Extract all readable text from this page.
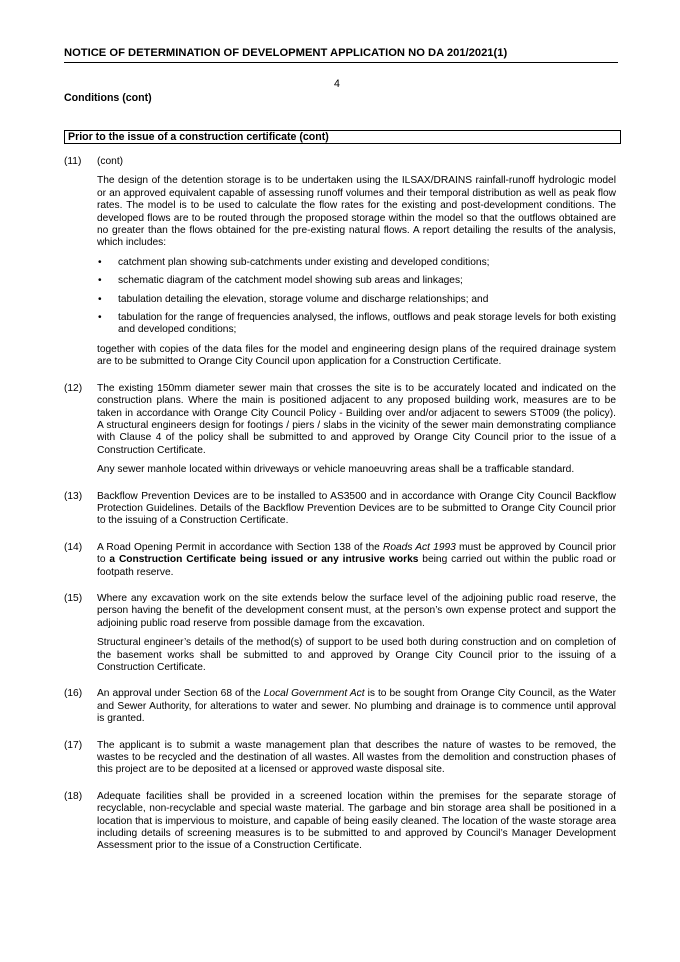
NOTICE OF DETERMINATION OF DEVELOPMENT APPLICATION NO DA 201/2021(1)
4
Conditions (cont)
Prior to the issue of a construction certificate (cont)
(11) (cont)

The design of the detention storage is to be undertaken using the ILSAX/DRAINS rainfall-runoff hydrologic model or an approved equivalent capable of assessing runoff volumes and their temporal distribution as well as peak flow rates. The model is to be used to calculate the flow rates for the existing and post-development conditions. The developed flows are to be routed through the proposed storage within the model so that the outflows obtained are no greater than the flows obtained for the pre-existing natural flows. A report detailing the results of the analysis, which includes:

• catchment plan showing sub-catchments under existing and developed conditions;
• schematic diagram of the catchment model showing sub areas and linkages;
• tabulation detailing the elevation, storage volume and discharge relationships; and
• tabulation for the range of frequencies analysed, the inflows, outflows and peak storage levels for both existing and developed conditions;

together with copies of the data files for the model and engineering design plans of the required drainage system are to be submitted to Orange City Council upon application for a Construction Certificate.

(12) The existing 150mm diameter sewer main that crosses the site is to be accurately located and indicated on the construction plans. Where the main is positioned adjacent to any proposed building work, measures are to be taken in accordance with Orange City Council Policy - Building over and/or adjacent to sewers ST009 (the policy). A structural engineers design for footings / piers / slabs in the vicinity of the sewer main demonstrating compliance with Clause 4 of the policy shall be submitted to and approved by Orange City Council prior to the issue of a Construction Certificate.

Any sewer manhole located within driveways or vehicle manoeuvring areas shall be a trafficable standard.

(13) Backflow Prevention Devices are to be installed to AS3500 and in accordance with Orange City Council Backflow Protection Guidelines. Details of the Backflow Prevention Devices are to be submitted to Orange City Council prior to the issuing of a Construction Certificate.

(14) A Road Opening Permit in accordance with Section 138 of the Roads Act 1993 must be approved by Council prior to a Construction Certificate being issued or any intrusive works being carried out within the public road or footpath reserve.

(15) Where any excavation work on the site extends below the surface level of the adjoining public road reserve, the person having the benefit of the development consent must, at the person’s own expense protect and support the adjoining public road reserve from possible damage from the excavation.

Structural engineer’s details of the method(s) of support to be used both during construction and on completion of the basement works shall be submitted to and approved by Orange City Council prior to the issuing of a Construction Certificate.

(16) An approval under Section 68 of the Local Government Act is to be sought from Orange City Council, as the Water and Sewer Authority, for alterations to water and sewer. No plumbing and drainage is to commence until approval is granted.

(17) The applicant is to submit a waste management plan that describes the nature of wastes to be removed, the wastes to be recycled and the destination of all wastes. All wastes from the demolition and construction phases of this project are to be deposited at a licensed or approved waste disposal site.

(18) Adequate facilities shall be provided in a screened location within the premises for the separate storage of recyclable, non-recyclable and special waste material. The garbage and bin storage area shall be positioned in a location that is impervious to moisture, and capable of being easily cleaned. The location of the waste storage area including details of screening measures is to be submitted to and approved by Council’s Manager Development Assessment prior to the issue of a Construction Certificate.
